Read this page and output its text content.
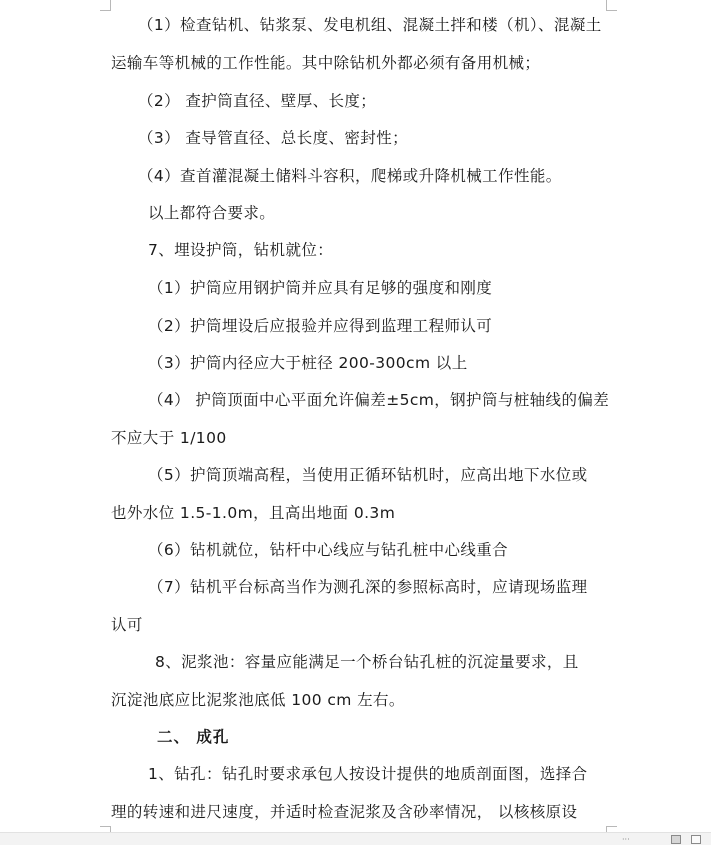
（1）检查钻机、钻浆泵、发电机组、混凝土拌和楼（机）、混凝土
运输车等机械的工作性能。其中除钻机外都必须有备用机械；
（2） 查护筒直径、壁厚、长度；
（3） 查导管直径、总长度、密封性；
（4）查首灌混凝土储料斗容积，爬梯或升降机械工作性能。
以上都符合要求。
7、埋设护筒，钻机就位：
（1）护筒应用钢护筒并应具有足够的强度和刚度
（2）护筒埋设后应报验并应得到监理工程师认可
（3）护筒内径应大于桩径 200-300cm 以上
（4） 护筒顶面中心平面允许偏差±5cm，钢护筒与桩轴线的偏差
不应大于 1/100
（5）护筒顶端高程，当使用正循环钻机时，应高出地下水位或
也外水位 1.5-1.0m，且高出地面 0.3m
（6）钻机就位，钻杆中心线应与钻孔桩中心线重合
（7）钻机平台标高当作为测孔深的参照标高时，应请现场监理
认可
8、泥浆池：容量应能满足一个桥台钻孔桩的沉淀量要求，且
沉淀池底应比泥浆池底低 100 cm 左右。
二、 成孔
1、钻孔：钻孔时要求承包人按设计提供的地质剖面图，选择合
理的转速和进尺速度，并适时检查泥浆及含砂率情况， 以核核原设
···
